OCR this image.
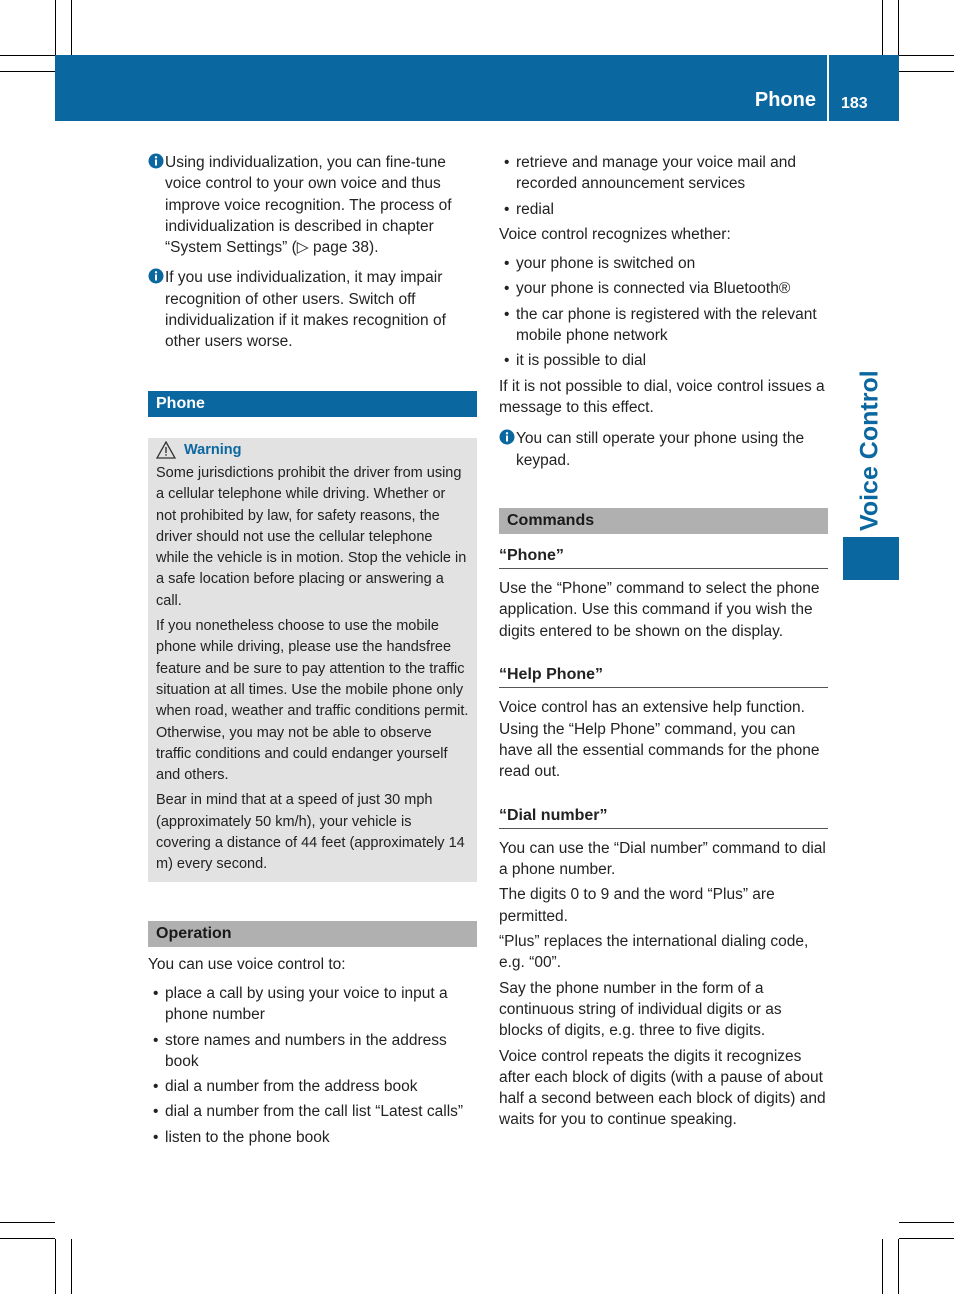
Phone 183
Voice Control
Using individualization, you can fine-tune voice control to your own voice and thus improve voice recognition. The process of individualization is described in chapter “System Settings” (▷ page 38).
If you use individualization, it may impair recognition of other users. Switch off individualization if it makes recognition of other users worse.
Phone
Warning

Some jurisdictions prohibit the driver from using a cellular telephone while driving. Whether or not prohibited by law, for safety reasons, the driver should not use the cellular telephone while the vehicle is in motion. Stop the vehicle in a safe location before placing or answering a call.

If you nonetheless choose to use the mobile phone while driving, please use the handsfree feature and be sure to pay attention to the traffic situation at all times. Use the mobile phone only when road, weather and traffic conditions permit. Otherwise, you may not be able to observe traffic conditions and could endanger yourself and others.

Bear in mind that at a speed of just 30 mph (approximately 50 km/h), your vehicle is covering a distance of 44 feet (approximately 14 m) every second.

Operation

You can use voice control to:

• place a call by using your voice to input a phone number
• store names and numbers in the address book
• dial a number from the address book
• dial a number from the call list “Latest calls”
• listen to the phone book
• retrieve and manage your voice mail and recorded announcement services
• redial

Voice control recognizes whether:

• your phone is switched on
• your phone is connected via Bluetooth®
• the car phone is registered with the relevant mobile phone network
• it is possible to dial

If it is not possible to dial, voice control issues a message to this effect.

You can still operate your phone using the keypad.
Commands
“Phone”

Use the “Phone” command to select the phone application. Use this command if you wish the digits entered to be shown on the display.

“Help Phone”

Voice control has an extensive help function. Using the “Help Phone” command, you can have all the essential commands for the phone read out.

“Dial number”

You can use the “Dial number” command to dial a phone number.

The digits 0 to 9 and the word “Plus” are permitted.

“Plus” replaces the international dialing code, e.g. “00”.

Say the phone number in the form of a continuous string of individual digits or as blocks of digits, e.g. three to five digits.

Voice control repeats the digits it recognizes after each block of digits (with a pause of about half a second between each block of digits) and waits for you to continue speaking.
